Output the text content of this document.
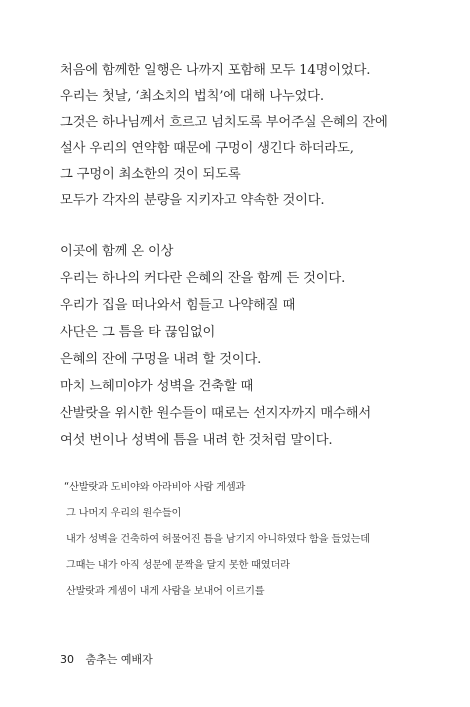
처음에 함께한 일행은 나까지 포함해 모두 14명이었다.
우리는 첫날, ‘최소치의 법칙’에 대해 나누었다.
그것은 하나님께서 흐르고 넘치도록 부어주실 은혜의 잔에
설사 우리의 연약함 때문에 구멍이 생긴다 하더라도,
그 구멍이 최소한의 것이 되도록
모두가 각자의 분량을 지키자고 약속한 것이다.
이곳에 함께 온 이상
우리는 하나의 커다란 은혜의 잔을 함께 든 것이다.
우리가 집을 떠나와서 힘들고 나약해질 때
사단은 그 틈을 타 끊임없이
은혜의 잔에 구멍을 내려 할 것이다.
마치 느헤미야가 성벽을 건축할 때
산발랏을 위시한 원수들이 때로는 선지자까지 매수해서
여섯 번이나 성벽에 틈을 내려 한 것처럼 말이다.
“산발랏과 도비야와 아라비아 사람 게셈과
그 나머지 우리의 원수들이
내가 성벽을 건축하여 허물어진 틈을 남기지 아니하였다 함을 들었는데
그때는 내가 아직 성문에 문짝을 달지 못한 때였더라
산발랏과 게셈이 내게 사람을 보내어 이르기를
30 춤추는 예배자
